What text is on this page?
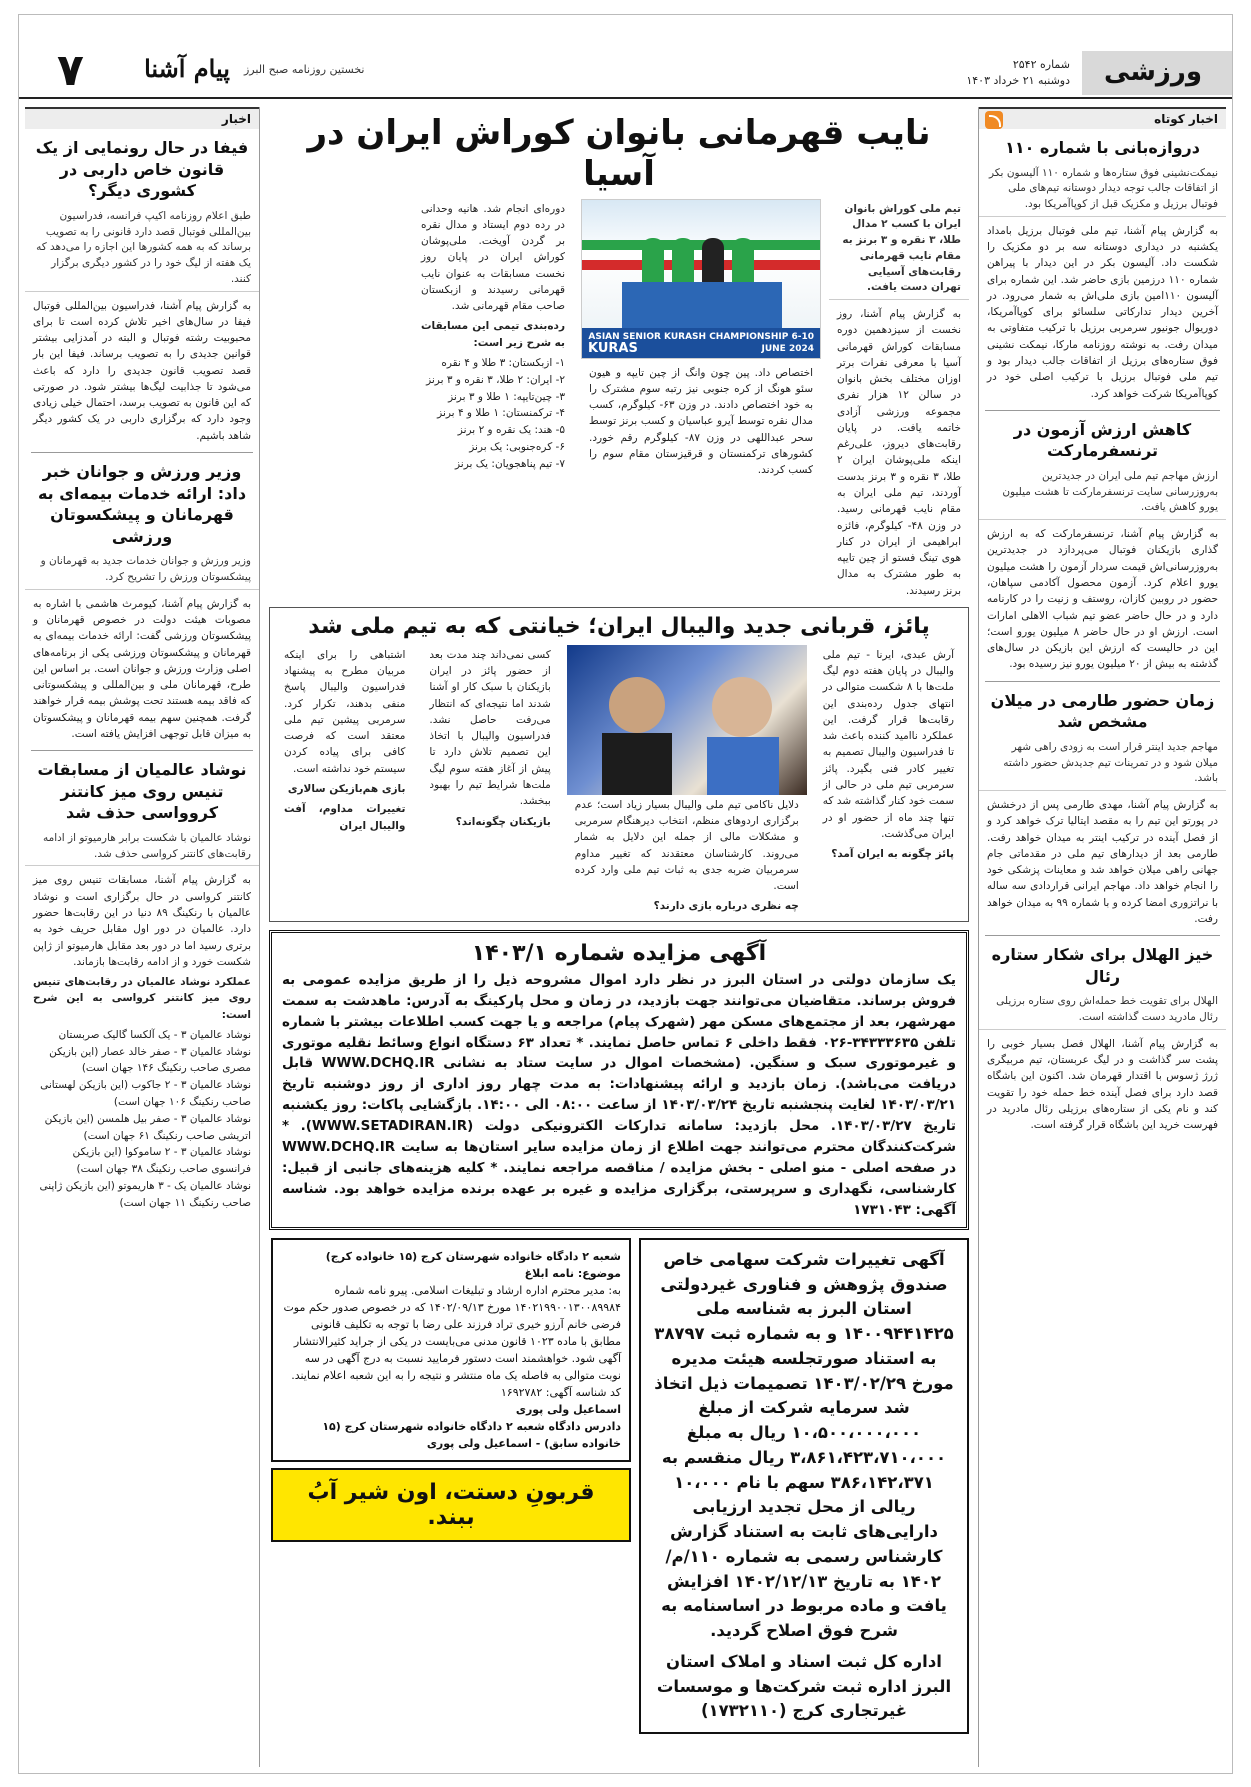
ورزشی
شماره ۲۵۴۲
دوشنبه ۲۱ خرداد ۱۴۰۳
نخستین روزنامه صبح البرز
پیام آشنا
۷
اخبار کوتاه
دروازه‌بانی با شماره ۱۱۰
نیمکت‌نشینی فوق ستاره‌ها و شماره ۱۱۰ آلیسون بکر از اتفاقات جالب توجه دیدار دوستانه تیم‌های ملی فوتبال برزیل و مکزیک قبل از کوپاآمریکا بود.
به گزارش پیام آشنا، تیم ملی فوتبال برزیل بامداد یکشنبه در دیداری دوستانه سه بر دو مکزیک را شکست داد. آلیسون بکر در این دیدار با پیراهن شماره ۱۱۰ درزمین بازی حاضر شد. این شماره برای آلیسون ۱۱۰امین بازی ملی‌اش به شمار می‌رود. در آخرین دیدار تدارکاتی سلسائو برای کوپاآمریکا، دوریوال جونیور سرمربی برزیل با ترکیب متفاوتی به میدان رفت. به نوشته روزنامه مارکا، نیمکت نشینی فوق ستاره‌های برزیل از اتفاقات جالب دیدار بود و تیم ملی فوتبال برزیل با ترکیب اصلی خود در کوپاآمریکا شرکت خواهد کرد.
کاهش ارزش آزمون در ترنسفرمارکت
ارزش مهاجم تیم ملی ایران در جدیدترین به‌روزرسانی سایت ترنسفرمارکت تا هشت میلیون یورو کاهش یافت.
به گزارش پیام آشنا، ترنسفرمارکت که به ارزش گذاری بازیکنان فوتبال می‌پردازد در جدیدترین به‌روزرسانی‌اش قیمت سردار آزمون را هشت میلیون یورو اعلام کرد. آزمون محصول آکادمی سپاهان، حضور در روبین کازان، روستف و زنیت را در کارنامه دارد و در حال حاضر عضو تیم شباب الاهلی امارات است. ارزش او در حال حاضر ۸ میلیون یورو است؛ این در حالیست که ارزش این بازیکن در سال‌های گذشته به بیش از ۲۰ میلیون یورو نیز رسیده بود.
زمان حضور طارمی در میلان مشخص شد
مهاجم جدید اینتر قرار است به زودی راهی شهر میلان شود و در تمرینات تیم جدیدش حضور داشته باشد.
به گزارش پیام آشنا، مهدی طارمی پس از درخشش در پورتو این تیم را به مقصد ایتالیا ترک خواهد کرد و از فصل آینده در ترکیب اینتر به میدان خواهد رفت. طارمی بعد از دیدارهای تیم ملی در مقدماتی جام جهانی راهی میلان خواهد شد و معاینات پزشکی خود را انجام خواهد داد. مهاجم ایرانی قراردادی سه ساله با نراتزوری امضا کرده و با شماره ۹۹ به میدان خواهد رفت.
خیز الهلال برای شکار ستاره رئال
الهلال برای تقویت خط حمله‌اش روی ستاره برزیلی رئال مادرید دست گذاشته است.
به گزارش پیام آشنا، الهلال فصل بسیار خوبی را پشت سر گذاشت و در لیگ عربستان، تیم مربیگری ژرژ ژسوس با اقتدار قهرمان شد. اکنون این باشگاه قصد دارد برای فصل آینده خط حمله خود را تقویت کند و نام یکی از ستاره‌های برزیلی رئال مادرید در فهرست خرید این باشگاه قرار گرفته است.
نایب قهرمانی بانوان کوراش ایران در آسیا
تیم ملی کوراش بانوان ایران با کسب ۲ مدال طلا، ۳ نقره و ۳ برنز به مقام نایب قهرمانی رقابت‌های آسیایی تهران دست یافت.
به گزارش پیام آشنا، روز نخست از سیزدهمین دوره مسابقات کوراش قهرمانی آسیا با معرفی نفرات برتر اوزان مختلف بخش بانوان در سالن ۱۲ هزار نفری مجموعه ورزشی آزادی خاتمه یافت. در پایان رقابت‌های دیروز، علی‌رغم اینکه ملی‌پوشان ایران ۲ طلا، ۳ نقره و ۳ برنز بدست آوردند، تیم ملی ایران به مقام نایب قهرمانی رسید. در وزن ۴۸- کیلوگرم، فائزه ابراهیمی از ایران در کنار هوی تینگ فستو از چین تایپه به طور مشترک به مدال برنز رسیدند.
ASIAN SENIOR KURASH CHAMPIONSHIP 6-10 JUNE 2024
KURAS
اختصاص داد. پین چون وانگ از چین تایپه و هیون سئو هونگ از کره جنوبی نیز رتبه سوم مشترک را به خود اختصاص دادند. در وزن ۶۳- کیلوگرم، کسب مدال نقره توسط آیرو عباسیان و کسب برنز توسط سحر عبداللهی در وزن ۸۷- کیلوگرم رقم خورد. کشورهای ترکمنستان و قرقیزستان مقام سوم را کسب کردند.
دوره‌ای انجام شد. هانیه وحدانی در رده دوم ایستاد و مدال نقره بر گردن آویخت. ملی‌پوشان کوراش ایران در پایان روز نخست مسابقات به عنوان نایب قهرمانی رسیدند و ازبکستان صاحب مقام قهرمانی شد.
رده‌بندی تیمی این مسابقات به شرح زیر است:
۱- ازبکستان: ۳ طلا و ۴ نقره
۲- ایران: ۲ طلا، ۳ نقره و ۳ برنز
۳- چین‌تایپه: ۱ طلا و ۳ برنز
۴- ترکمنستان: ۱ طلا و ۴ برنز
۵- هند: یک نقره و ۲ برنز
۶- کره‌جنوبی: یک برنز
۷- تیم پناهجویان: یک برنز
پائز، قربانی جدید والیبال ایران؛ خیانتی که به تیم ملی شد
آرش عبدی، ایرنا - تیم ملی والیبال در پایان هفته دوم لیگ ملت‌ها با ۸ شکست متوالی در انتهای جدول رده‌بندی این رقابت‌ها قرار گرفت. این عملکرد ناامید کننده باعث شد تا فدراسیون والیبال تصمیم به تغییر کادر فنی بگیرد. پائز سرمربی تیم ملی در حالی از سمت خود کنار گذاشته شد که تنها چند ماه از حضور او در ایران می‌گذشت.
پائز چگونه به ایران آمد؟
دلایل ناکامی تیم ملی والیبال بسیار زیاد است؛ عدم برگزاری اردوهای منظم، انتخاب دیرهنگام سرمربی و مشکلات مالی از جمله این دلایل به شمار می‌روند. کارشناسان معتقدند که تغییر مداوم سرمربیان ضربه جدی به ثبات تیم ملی وارد کرده است.
چه نظری درباره بازی دارند؟
کسی نمی‌داند چند مدت بعد از حضور پائز در ایران بازیکنان با سبک کار او آشنا شدند اما نتیجه‌ای که انتظار می‌رفت حاصل نشد. فدراسیون والیبال با اتخاذ این تصمیم تلاش دارد تا پیش از آغاز هفته سوم لیگ ملت‌ها شرایط تیم را بهبود ببخشد.
بازیکنان چگونه‌اند؟
اشتباهی را برای اینکه مربیان مطرح به پیشنهاد فدراسیون والیبال پاسخ منفی بدهند، تکرار کرد. سرمربی پیشین تیم ملی معتقد است که فرصت کافی برای پیاده کردن سیستم خود نداشته است.
بازی هم‌بازیکن سالاری
تغییرات مداوم، آفت والیبال ایران
آگهی مزایده شماره ۱۴۰۳/۱
یک سازمان دولتی در استان البرز در نظر دارد اموال مشروحه ذیل را از طریق مزایده عمومی به فروش برساند. متقاضیان می‌توانند جهت بازدید، در زمان و محل پارکینگ به آدرس: ماهدشت به سمت مهرشهر، بعد از مجتمع‌های مسکن مهر (شهرک پیام) مراجعه و یا جهت کسب اطلاعات بیشتر با شماره تلفن ۳۴۳۳۳۶۳۵-۰۲۶ فقط داخلی ۶ تماس حاصل نمایند. * تعداد ۶۳ دستگاه انواع وسائط نقلیه موتوری و غیرموتوری سبک و سنگین. (مشخصات اموال در سایت ستاد به نشانی WWW.DCHQ.IR قابل دریافت می‌باشد). زمان بازدید و ارائه پیشنهادات: به مدت چهار روز اداری از روز دوشنبه تاریخ ۱۴۰۳/۰۳/۲۱ لغایت پنجشنبه تاریخ ۱۴۰۳/۰۳/۲۴ از ساعت ۰۸:۰۰ الی ۱۴:۰۰. بازگشایی پاکات: روز یکشنبه تاریخ ۱۴۰۳/۰۳/۲۷. محل بازدید: سامانه تدارکات الکترونیکی دولت (WWW.SETADIRAN.IR). * شرکت‌کنندگان محترم می‌توانند جهت اطلاع از زمان مزایده سایر استان‌ها به سایت WWW.DCHQ.IR در صفحه اصلی - منو اصلی - بخش مزایده / مناقصه مراجعه نمایند. * کلیه هزینه‌های جانبی از قبیل: کارشناسی، نگهداری و سرپرستی، برگزاری مزایده و غیره بر عهده برنده مزایده خواهد بود. شناسه آگهی: ۱۷۳۱۰۴۳
آگهی تغییرات شرکت سهامی خاص صندوق پژوهش و فناوری غیردولتی استان البرز به شناسه ملی ۱۴۰۰۹۴۴۱۴۲۵ و به شماره ثبت ۳۸۷۹۷ به استناد صورتجلسه هیئت مدیره مورخ ۱۴۰۳/۰۲/۲۹ تصمیمات ذیل اتخاذ شد سرمایه شرکت از مبلغ ۱۰،۵۰۰،۰۰۰،۰۰۰ ریال به مبلغ ۳،۸۶۱،۴۲۳،۷۱۰،۰۰۰ ریال منقسم به ۳۸۶،۱۴۲،۳۷۱ سهم با نام ۱۰،۰۰۰ ریالی از محل تجدید ارزیابی دارایی‌های ثابت به استناد گزارش کارشناس رسمی به شماره ۱۱۰/م/۱۴۰۲ به تاریخ ۱۴۰۲/۱۲/۱۳ افزایش یافت و ماده مربوط در اساسنامه به شرح فوق اصلاح گردید.
اداره کل ثبت اسناد و املاک استان البرز اداره ثبت شرکت‌ها و موسسات غیرتجاری کرج (۱۷۳۲۱۱۰)
شعبه ۲ دادگاه خانواده شهرستان کرج (۱۵ خانواده کرج)
موضوع: نامه ابلاغ
به: مدیر محترم اداره ارشاد و تبلیغات اسلامی. پیرو نامه شماره ۱۴۰۲۱۹۹۰۰۱۳۰۰۸۹۹۸۴ مورخ ۱۴۰۲/۰۹/۱۳ که در خصوص صدور حکم موت فرضی خانم آرزو خیری تراد فرزند علی رضا با توجه به تکلیف قانونی مطابق با ماده ۱۰۲۳ قانون مدنی می‌بایست در یکی از جراید کثیرالانتشار آگهی شود. خواهشمند است دستور فرمایید نسبت به درج آگهی در سه نوبت متوالی به فاصله یک ماه منتشر و نتیجه را به این شعبه اعلام نمایند.
کد شناسه آگهی: ۱۶۹۲۷۸۲
اسماعیل ولی پوری
دادرس دادگاه شعبه ۲ دادگاه خانواده شهرستان کرج (۱۵ خانواده سابق) - اسماعیل ولی پوری
قربونِ دستت، اون شیر آبُ ببند.
اخبار
فیفا در حال رونمایی از یک قانون خاص داربی در کشوری دیگر؟
طبق اعلام روزنامه اکیپ فرانسه، فدراسیون بین‌المللی فوتبال قصد دارد قانونی را به تصویب برساند که به همه کشورها این اجازه را می‌دهد که یک هفته از لیگ خود را در کشور دیگری برگزار کنند.
به گزارش پیام آشنا، فدراسیون بین‌المللی فوتبال فیفا در سال‌های اخیر تلاش کرده است تا برای محبوبیت رشته فوتبال و البته در آمدزایی بیشتر قوانین جدیدی را به تصویب برساند. فیفا این بار قصد تصویب قانون جدیدی را دارد که باعث می‌شود تا جذابیت لیگ‌ها بیشتر شود. در صورتی که این قانون به تصویب برسد، احتمال خیلی زیادی وجود دارد که برگزاری داربی در یک کشور دیگر شاهد باشیم.
وزیر ورزش و جوانان خبر داد: ارائه خدمات بیمه‌ای به قهرمانان و پیشکسوتان ورزشی
وزیر ورزش و جوانان خدمات جدید به قهرمانان و پیشکسوتان ورزش را تشریح کرد.
به گزارش پیام آشنا، کیومرث هاشمی با اشاره به مصوبات هیئت دولت در خصوص قهرمانان و پیشکسوتان ورزشی گفت: ارائه خدمات بیمه‌ای به قهرمانان و پیشکسوتان ورزشی یکی از برنامه‌های اصلی وزارت ورزش و جوانان است. بر اساس این طرح، قهرمانان ملی و بین‌المللی و پیشکسوتانی که فاقد بیمه هستند تحت پوشش بیمه قرار خواهند گرفت. همچنین سهم بیمه قهرمانان و پیشکسوتان به میزان قابل توجهی افزایش یافته است.
نوشاد عالمیان از مسابقات تنیس روی میز کانتنر کروواسی حذف شد
نوشاد عالمیان با شکست برابر هارمیوتو از ادامه رقابت‌های کانتنر کرواسی حذف شد.
به گزارش پیام آشنا، مسابقات تنیس روی میز کانتنر کرواسی در حال برگزاری است و نوشاد عالمیان با رنکینگ ۸۹ دنیا در این رقابت‌ها حضور دارد. عالمیان در دور اول مقابل حریف خود به برتری رسید اما در دور بعد مقابل هارمیوتو از ژاپن شکست خورد و از ادامه رقابت‌ها بازماند.
عملکرد نوشاد عالمیان در رقابت‌های تنیس روی میز کانتنر کرواسی به این شرح است:
نوشاد عالمیان ۳ - یک آلکسا گالیک صربستان
نوشاد عالمیان ۳ - صفر خالد عصار (این بازیکن مصری صاحب رنکینگ ۱۴۶ جهان است)
نوشاد عالمیان ۳ - ۲ جاکوب (این بازیکن لهستانی صاحب رنکینگ ۱۰۶ جهان است)
نوشاد عالمیان ۳ - صفر بیل هلمسن (این بازیکن اتریشی صاحب رنکینگ ۶۱ جهان است)
نوشاد عالمیان ۳ - ۲ ساموکوا (این بازیکن فرانسوی صاحب رنکینگ ۳۸ جهان است)
نوشاد عالمیان یک - ۳ هاریموتو (این بازیکن ژاپنی صاحب رنکینگ ۱۱ جهان است)
